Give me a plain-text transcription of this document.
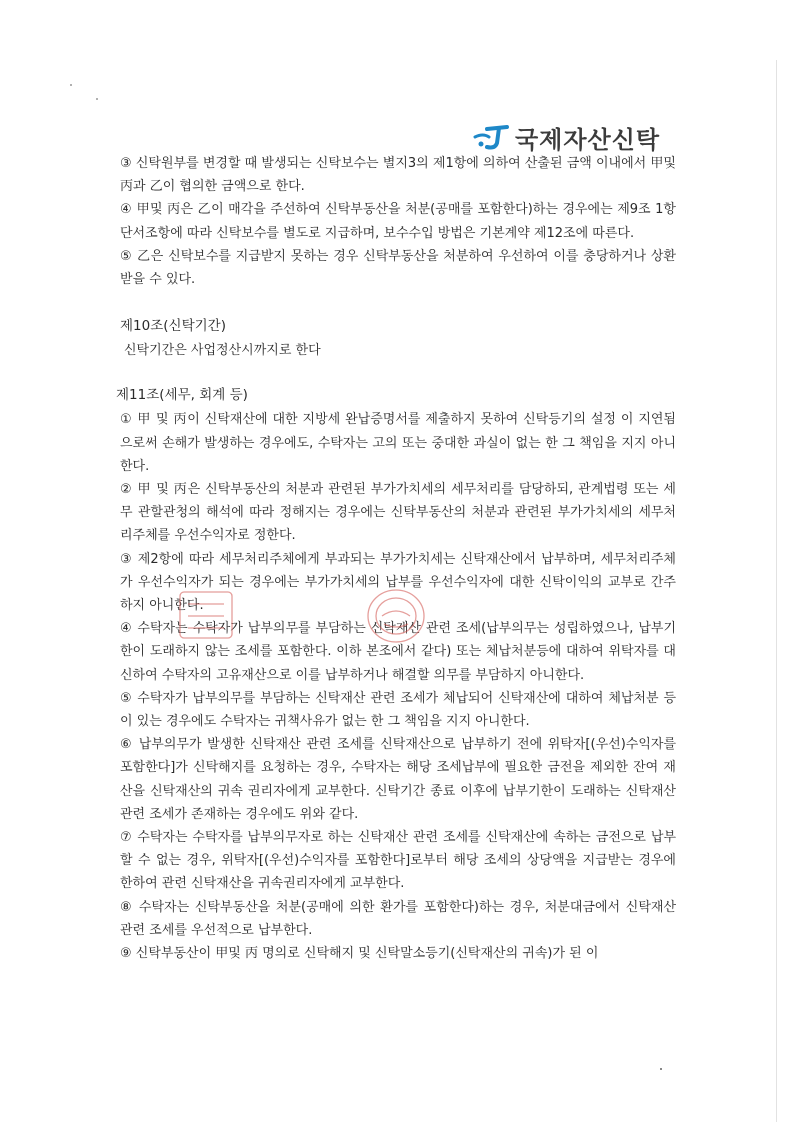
국제자산신탁

③ 신탁원부를 변경할 때 발생되는 신탁보수는 별지3의 제1항에 의하여 산출된 금액 이내에서 甲및 丙과 乙이 협의한 금액으로 한다.

④ 甲및 丙은 乙이 매각을 주선하여 신탁부동산을 처분(공매를 포함한다)하는 경우에는 제9조 1항 단서조항에 따라 신탁보수를 별도로 지급하며, 보수수입 방법은 기본계약 제12조에 따른다.

⑤ 乙은 신탁보수를 지급받지 못하는 경우 신탁부동산을 처분하여 우선하여 이를 충당하거나 상환 받을 수 있다.

제10조(신탁기간)

신탁기간은 사업정산시까지로 한다

제11조(세무, 회계 등)

① 甲 및 丙이 신탁재산에 대한 지방세 완납증명서를 제출하지 못하여 신탁등기의 설정 이 지연됨으로써 손해가 발생하는 경우에도, 수탁자는 고의 또는 중대한 과실이 없는 한 그 책임을 지지 아니한다.

② 甲 및 丙은 신탁부동산의 처분과 관련된 부가가치세의 세무처리를 담당하되, 관계법령 또는 세무 관할관청의 해석에 따라 정해지는 경우에는 신탁부동산의 처분과 관련된 부가가치세의 세무처리주체를 우선수익자로 정한다.

③ 제2항에 따라 세무처리주체에게 부과되는 부가가치세는 신탁재산에서 납부하며, 세무처리주체가 우선수익자가 되는 경우에는 부가가치세의 납부를 우선수익자에 대한 신탁이익의 교부로 간주하지 아니한다.

④ 수탁자는 수탁자가 납부의무를 부담하는 신탁재산 관련 조세(납부의무는 성립하였으나, 납부기한이 도래하지 않는 조세를 포함한다. 이하 본조에서 같다) 또는 체납처분등에 대하여 위탁자를 대신하여 수탁자의 고유재산으로 이를 납부하거나 해결할 의무를 부담하지 아니한다.

⑤ 수탁자가 납부의무를 부담하는 신탁재산 관련 조세가 체납되어 신탁재산에 대하여 체납처분 등이 있는 경우에도 수탁자는 귀책사유가 없는 한 그 책임을 지지 아니한다.

⑥ 납부의무가 발생한 신탁재산 관련 조세를 신탁재산으로 납부하기 전에 위탁자[(우선)수익자를 포함한다]가 신탁해지를 요청하는 경우, 수탁자는 해당 조세납부에 필요한 금전을 제외한 잔여 재산을 신탁재산의 귀속 권리자에게 교부한다. 신탁기간 종료 이후에 납부기한이 도래하는 신탁재산 관련 조세가 존재하는 경우에도 위와 같다.

⑦ 수탁자는 수탁자를 납부의무자로 하는 신탁재산 관련 조세를 신탁재산에 속하는 금전으로 납부할 수 없는 경우, 위탁자[(우선)수익자를 포함한다]로부터 해당 조세의 상당액을 지급받는 경우에 한하여 관련 신탁재산을 귀속권리자에게 교부한다.

⑧ 수탁자는 신탁부동산을 처분(공매에 의한 환가를 포함한다)하는 경우, 처분대금에서 신탁재산 관련 조세를 우선적으로 납부한다.

⑨ 신탁부동산이 甲및 丙 명의로 신탁해지 및 신탁말소등기(신탁재산의 귀속)가 된 이
